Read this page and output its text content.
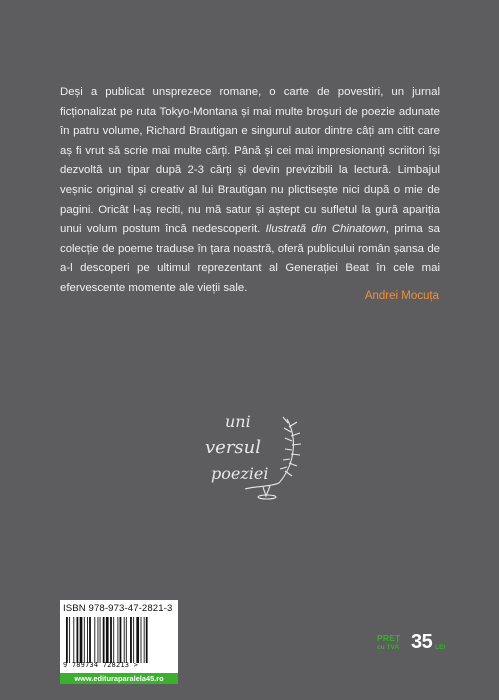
Deși a publicat unsprezece romane, o carte de povestiri, un jurnal ficționalizat pe ruta Tokyo-Montana și mai multe broșuri de poezie adunate în patru volume, Richard Brautigan e singurul autor dintre câți am citit care aș fi vrut să scrie mai multe cărți. Până și cei mai impresionanți scriitori își dezvoltă un tipar după 2-3 cărți și devin previzibili la lectură. Limbajul veșnic original și creativ al lui Brautigan nu plictisește nici după o mie de pagini. Oricât l-aș reciti, nu mă satur și aștept cu sufletul la gură apariția unui volum postum încă nedescoperit. Ilustrată din Chinatown, prima sa colecție de poeme traduse în țara noastră, oferă publicului român șansa de a-l descoperi pe ultimul reprezentant al Generației Beat în cele mai efervescente momente ale vieții sale.

Andrei Mocuța
uni
versul
poeziei
ISBN 978-973-47-2821-3
9 789734 728213 >
www.edituraparalela45.ro
PREȚ
cu TVA 35 LEI
